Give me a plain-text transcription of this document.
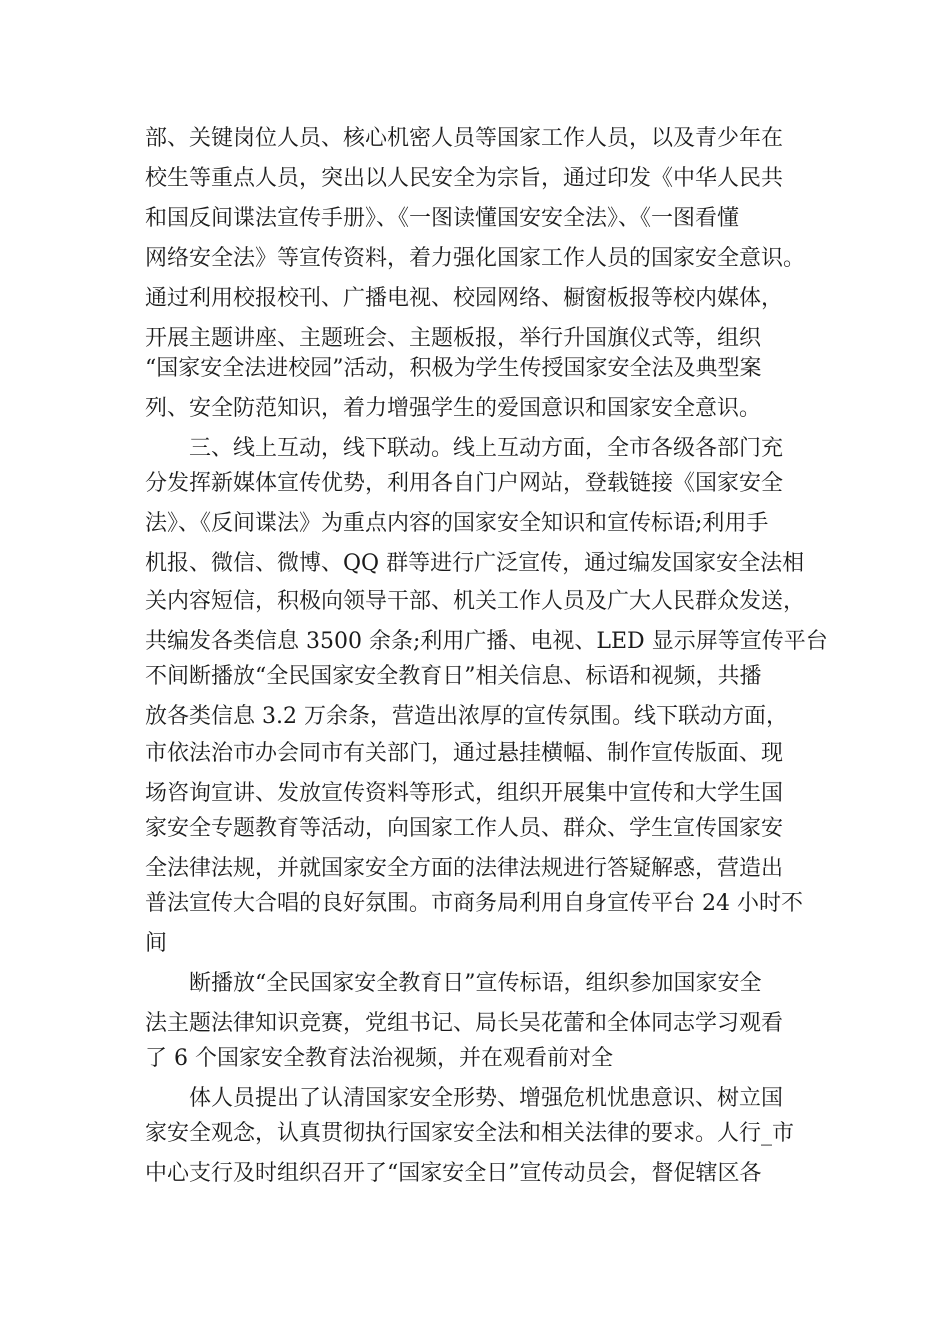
部、关键岗位人员、核心机密人员等国家工作人员，以及青少年在
校生等重点人员，突出以人民安全为宗旨，通过印发《中华人民共
和国反间谍法宣传手册》、《一图读懂国安安全法》、《一图看懂
网络安全法》等宣传资料，着力强化国家工作人员的国家安全意识。
通过利用校报校刊、广播电视、校园网络、橱窗板报等校内媒体，
开展主题讲座、主题班会、主题板报，举行升国旗仪式等，组织
“国家安全法进校园”活动，积极为学生传授国家安全法及典型案
列、安全防范知识，着力增强学生的爱国意识和国家安全意识。
三、线上互动，线下联动。线上互动方面，全市各级各部门充
分发挥新媒体宣传优势，利用各自门户网站，登载链接《国家安全
法》、《反间谍法》为重点内容的国家安全知识和宣传标语;利用手
机报、微信、微博、QQ 群等进行广泛宣传，通过编发国家安全法相
关内容短信，积极向领导干部、机关工作人员及广大人民群众发送，
共编发各类信息 3500 余条;利用广播、电视、LED 显示屏等宣传平台
不间断播放“全民国家安全教育日”相关信息、标语和视频，共播
放各类信息 3.2 万余条，营造出浓厚的宣传氛围。线下联动方面，
市依法治市办会同市有关部门，通过悬挂横幅、制作宣传版面、现
场咨询宣讲、发放宣传资料等形式，组织开展集中宣传和大学生国
家安全专题教育等活动，向国家工作人员、群众、学生宣传国家安
全法律法规，并就国家安全方面的法律法规进行答疑解惑，营造出
普法宣传大合唱的良好氛围。市商务局利用自身宣传平台 24 小时不
间
断播放“全民国家安全教育日”宣传标语，组织参加国家安全
法主题法律知识竞赛，党组书记、局长吴花蕾和全体同志学习观看
了 6 个国家安全教育法治视频，并在观看前对全
体人员提出了认清国家安全形势、增强危机忧患意识、树立国
家安全观念，认真贯彻执行国家安全法和相关法律的要求。人行_市
中心支行及时组织召开了“国家安全日”宣传动员会，督促辖区各
